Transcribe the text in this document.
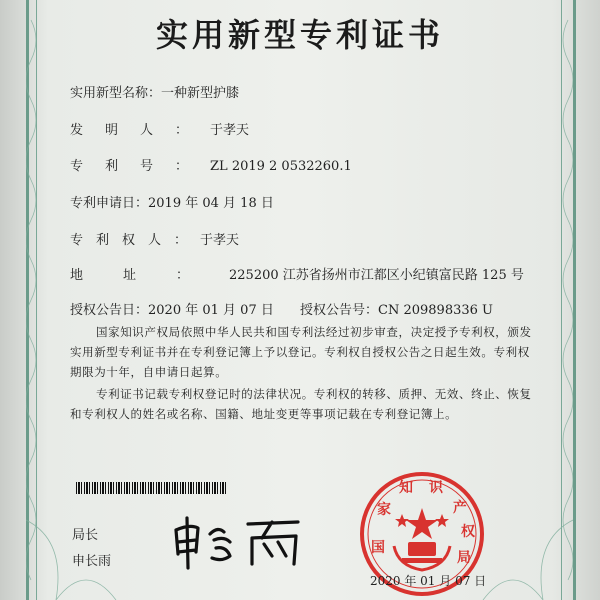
实用新型专利证书
实用新型名称：一种新型护膝
发明人：于孝天
专利号：ZL 2019 2 0532260.1
专利申请日：2019 年 04 月 18 日
专利权人：于孝天
地址：225200 江苏省扬州市江都区小纪镇富民路 125 号
授权公告日：2020 年 01 月 07 日 授权公告号：CN 209898336 U
国家知识产权局依照中华人民共和国专利法经过初步审查，决定授予专利权，颁发实用新型专利证书并在专利登记簿上予以登记。专利权自授权公告之日起生效。专利权期限为十年，自申请日起算。
专利证书记载专利权登记时的法律状况。专利权的转移、质押、无效、终止、恢复和专利权人的姓名或名称、国籍、地址变更等事项记载在专利登记簿上。
局长
申长雨
国
家
知 识
产
权
局
2020 年 01 月 07 日
